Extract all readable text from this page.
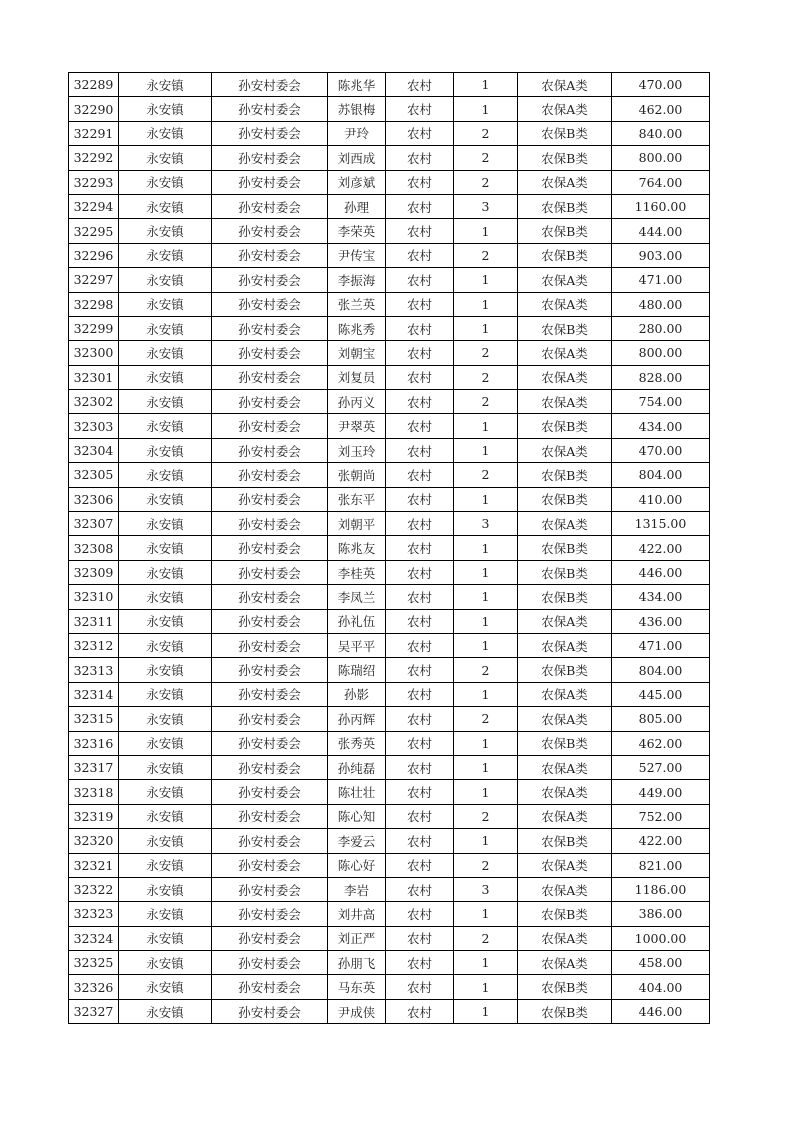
32289	永安镇	孙安村委会	陈兆华	农村	1	农保A类	470.00
32290	永安镇	孙安村委会	苏银梅	农村	1	农保A类	462.00
32291	永安镇	孙安村委会	尹玲	农村	2	农保B类	840.00
32292	永安镇	孙安村委会	刘西成	农村	2	农保B类	800.00
32293	永安镇	孙安村委会	刘彦斌	农村	2	农保A类	764.00
32294	永安镇	孙安村委会	孙理	农村	3	农保B类	1160.00
32295	永安镇	孙安村委会	李荣英	农村	1	农保B类	444.00
32296	永安镇	孙安村委会	尹传宝	农村	2	农保B类	903.00
32297	永安镇	孙安村委会	李振海	农村	1	农保A类	471.00
32298	永安镇	孙安村委会	张兰英	农村	1	农保A类	480.00
32299	永安镇	孙安村委会	陈兆秀	农村	1	农保B类	280.00
32300	永安镇	孙安村委会	刘朝宝	农村	2	农保A类	800.00
32301	永安镇	孙安村委会	刘复员	农村	2	农保A类	828.00
32302	永安镇	孙安村委会	孙丙义	农村	2	农保A类	754.00
32303	永安镇	孙安村委会	尹翠英	农村	1	农保B类	434.00
32304	永安镇	孙安村委会	刘玉玲	农村	1	农保A类	470.00
32305	永安镇	孙安村委会	张朝尚	农村	2	农保B类	804.00
32306	永安镇	孙安村委会	张东平	农村	1	农保B类	410.00
32307	永安镇	孙安村委会	刘朝平	农村	3	农保A类	1315.00
32308	永安镇	孙安村委会	陈兆友	农村	1	农保B类	422.00
32309	永安镇	孙安村委会	李桂英	农村	1	农保B类	446.00
32310	永安镇	孙安村委会	李凤兰	农村	1	农保B类	434.00
32311	永安镇	孙安村委会	孙礼伍	农村	1	农保A类	436.00
32312	永安镇	孙安村委会	吴平平	农村	1	农保A类	471.00
32313	永安镇	孙安村委会	陈瑞绍	农村	2	农保B类	804.00
32314	永安镇	孙安村委会	孙影	农村	1	农保A类	445.00
32315	永安镇	孙安村委会	孙丙辉	农村	2	农保A类	805.00
32316	永安镇	孙安村委会	张秀英	农村	1	农保B类	462.00
32317	永安镇	孙安村委会	孙纯磊	农村	1	农保A类	527.00
32318	永安镇	孙安村委会	陈壮壮	农村	1	农保A类	449.00
32319	永安镇	孙安村委会	陈心知	农村	2	农保A类	752.00
32320	永安镇	孙安村委会	李爱云	农村	1	农保B类	422.00
32321	永安镇	孙安村委会	陈心好	农村	2	农保A类	821.00
32322	永安镇	孙安村委会	李岩	农村	3	农保A类	1186.00
32323	永安镇	孙安村委会	刘井高	农村	1	农保B类	386.00
32324	永安镇	孙安村委会	刘正严	农村	2	农保A类	1000.00
32325	永安镇	孙安村委会	孙朋飞	农村	1	农保A类	458.00
32326	永安镇	孙安村委会	马东英	农村	1	农保B类	404.00
32327	永安镇	孙安村委会	尹成侠	农村	1	农保B类	446.00
